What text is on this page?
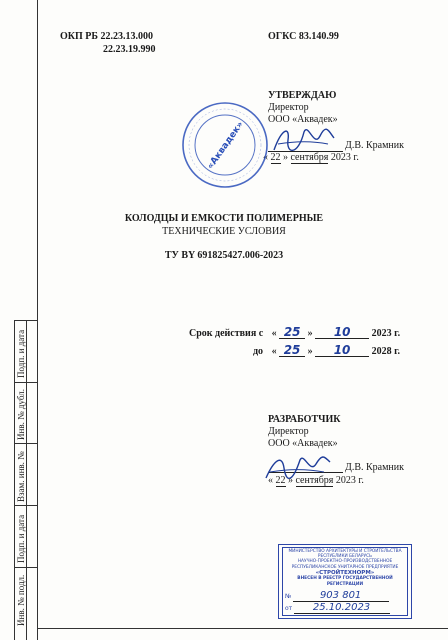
Подп. и дата
Инв. № дубл.
Взам. инв. №
Подп. и дата
Инв. № подл.
ОКП РБ 22.23.13.000
22.23.19.990
ОГКС 83.140.99
УТВЕРЖДАЮ
Директор
ООО «Аквадек»
Д.В. Крамник
« 22 » сентября 2023 г.
«Аквадек»
КОЛОДЦЫ И ЕМКОСТИ ПОЛИМЕРНЫЕ
ТЕХНИЧЕСКИЕ УСЛОВИЯ
ТУ BY 691825427.006-2023
Срок действия с « 25 » 10 2023 г.
до « 25 » 10 2028 г.
РАЗРАБОТЧИК
Директор
ООО «Аквадек»
Д.В. Крамник
« 22 » сентября 2023 г.
МИНИСТЕРСТВО АРХИТЕКТУРЫ И СТРОИТЕЛЬСТВА РЕСПУБЛИКИ БЕЛАРУСЬ
НАУЧНО-ПРОЕКТНО-ПРОИЗВОДСТВЕННОЕ РЕСПУБЛИКАНСКОЕ УНИТАРНОЕ ПРЕДПРИЯТИЕ
«СТРОЙТЕХНОРМ»
ВНЕСЕН В РЕЕСТР ГОСУДАРСТВЕННОЙ РЕГИСТРАЦИИ
№	903 801
от 25.10.2023
